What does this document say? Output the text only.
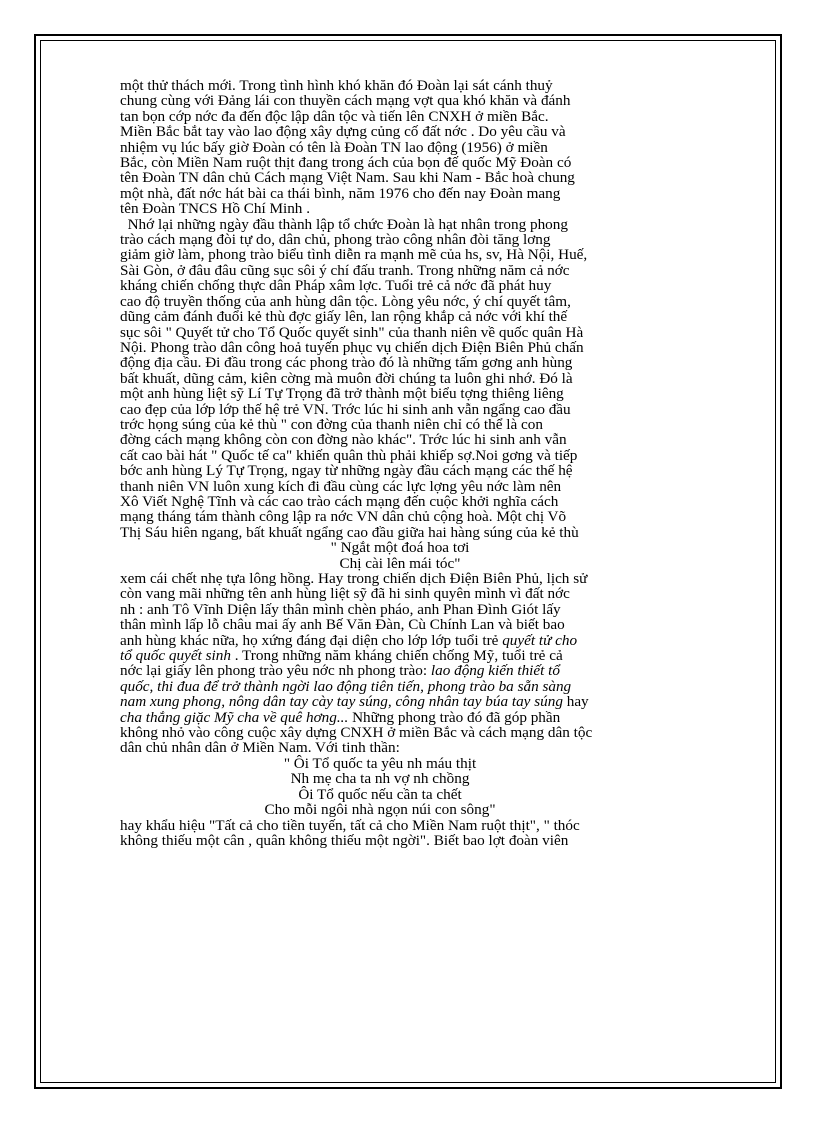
một thử thách mới. Trong tình hình khó khăn đó Đoàn lại sát cánh thuỷ

chung cùng với Đảng lái con thuyền cách mạng vợt qua khó khăn và đánh

tan bọn cớp nớc đa đến độc lập dân tộc và tiến lên CNXH ở miền Bắc.

Miền Bắc bắt tay vào lao động xây dựng củng cố đất nớc . Do yêu cầu và

nhiệm vụ lúc bấy giờ Đoàn có tên là Đoàn TN lao động (1956) ở miền

Bắc, còn Miền Nam ruột thịt đang trong ách của bọn đế quốc Mỹ Đoàn có

tên Đoàn TN dân chủ Cách mạng Việt Nam. Sau khi Nam - Bắc hoà chung

một nhà, đất nớc hát bài ca thái bình, năm 1976 cho đến nay Đoàn mang

tên Đoàn TNCS Hồ Chí Minh .

Nhớ lại những ngày đầu thành lập tổ chức Đoàn là hạt nhân trong phong

trào cách mạng đòi tự do, dân chủ, phong trào công nhân đòi tăng lơng

giảm giờ làm, phong trào biểu tình diễn ra mạnh mẽ của hs, sv, Hà Nội, Huế,

Sài Gòn, ở đâu đâu cũng sục sôi ý chí đấu tranh. Trong những năm cả nớc

kháng chiến chống thực dân Pháp xâm lợc. Tuổi trẻ cả nớc đã phát huy

cao độ truyền thống của anh hùng dân tộc. Lòng yêu nớc, ý chí quyết tâm,

dũng cảm đánh đuổi kẻ thù đợc giấy lên, lan rộng khắp cả nớc với khí thế

sục sôi " Quyết tử cho Tổ Quốc quyết sinh" của thanh niên về quốc quân Hà

Nội. Phong trào dân công hoả tuyến phục vụ chiến dịch Điện Biên Phủ chấn

động địa cầu. Đi đầu trong các phong trào đó là những tấm gơng anh hùng

bất khuất, dũng cảm, kiên cờng mà muôn đời chúng ta luôn ghi nhớ. Đó là

một anh hùng liệt sỹ Lí Tự Trọng đã trở thành một biểu tợng thiêng liêng

cao đẹp của lớp lớp thế hệ trẻ VN. Trớc lúc hi sinh anh vẫn ngẩng cao đầu

trớc họng súng của kẻ thù " con đờng của thanh niên chỉ có thể là con

đờng cách mạng không còn con đờng nào khác". Trớc lúc hi sinh anh vẫn

cất cao bài hát " Quốc tế ca" khiến quân thù phải khiếp sợ.Noi gơng và tiếp

bớc anh hùng Lý Tự Trọng, ngay từ những ngày đầu cách mạng các thế hệ

thanh niên VN luôn xung kích đi đầu cùng các lực lợng yêu nớc làm nên

Xô Viết Nghệ Tĩnh và các cao trào cách mạng đến cuộc khởi nghĩa cách

mạng tháng tám thành công lập ra nớc VN dân chủ cộng hoà. Một chị Võ

Thị Sáu hiên ngang, bất khuất ngẩng cao đầu giữa hai hàng súng của kẻ thù

" Ngắt một đoá hoa tơi
Chị cài lên mái tóc"

xem cái chết nhẹ tựa lông hồng. Hay trong chiến dịch Điện Biên Phủ, lịch sử

còn vang mãi những tên anh hùng liệt sỹ đã hi sinh quyên mình vì đất nớc

nh : anh Tô Vĩnh Diện lấy thân mình chèn pháo, anh Phan Đình Giót lấy

thân mình lấp lỗ châu mai ấy anh Bế Văn Đàn, Cù Chính Lan và biết bao

anh hùng khác nữa, họ xứng đáng đại diện cho lớp lớp tuổi trẻ quyết tử cho

tổ quốc quyết sinh . Trong những năm kháng chiến chống Mỹ, tuổi trẻ cả

nớc lại giấy lên phong trào yêu nớc nh phong trào: lao động kiến thiết tổ

quốc, thi đua để trở thành ngời lao động tiên tiến, phong trào ba sẵn sàng

nam xung phong, nông dân tay cày tay súng, công nhân tay búa tay súng hay

cha thắng giặc Mỹ cha về quê hơng... Những phong trào đó đã góp phần

không nhỏ vào công cuộc xây dựng CNXH ở miền Bắc và cách mạng dân tộc

dân chủ nhân dân ở Miền Nam. Với tinh thần:

" Ôi Tổ quốc ta yêu nh máu thịt
Nh mẹ cha ta nh vợ nh chồng
Ôi Tổ quốc nếu cần ta chết
Cho mỗi ngôi nhà ngọn núi con sông"

hay khẩu hiệu "Tất cả cho tiền tuyến, tất cả cho Miền Nam ruột thịt", " thóc

không thiếu một cân , quân không thiếu một ngời". Biết bao lợt đoàn viên
